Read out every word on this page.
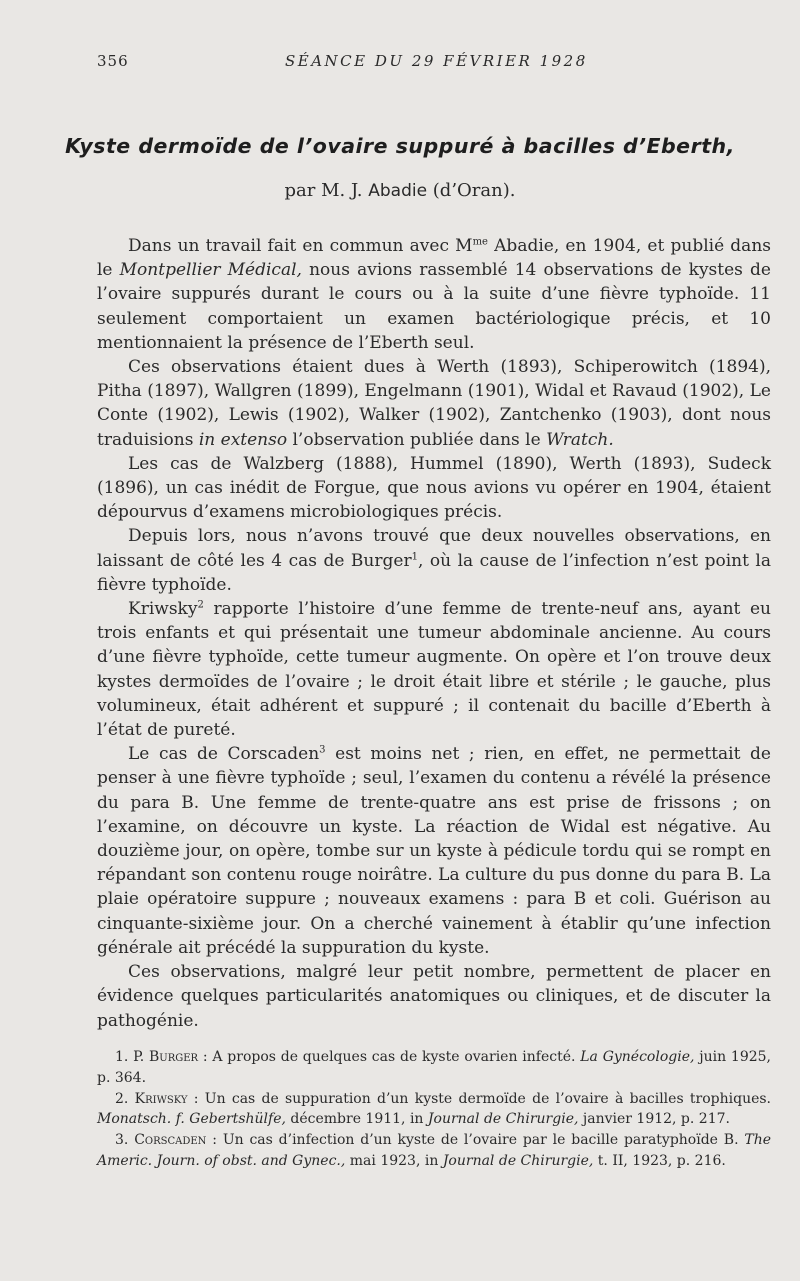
356	SÉANCE DU 29 FÉVRIER 1928
Kyste dermoïde de l’ovaire suppuré à bacilles d’Eberth,
par M. J. Abadie (d’Oran).

Dans un travail fait en commun avec $M^{me}$ Abadie, en 1904, et publié dans le Montpellier Médical, nous avions rassemblé 14 observations de kystes de l’ovaire suppurés durant le cours ou à la suite d’une fièvre typhoïde. 11 seulement comportaient un examen bactériologique précis, et 10 mentionnaient la présence de l’Eberth seul.

Ces observations étaient dues à Werth (1893), Schiperowitch (1894), Pitha (1897), Wallgren (1899), Engelmann (1901), Widal et Ravaud (1902), Le Conte (1902), Lewis (1902), Walker (1902), Zantchenko (1903), dont nous traduisions in extenso l’observation publiée dans le Wratch.

Les cas de Walzberg (1888), Hummel (1890), Werth (1893), Sudeck (1896), un cas inédit de Forgue, que nous avions vu opérer en 1904, étaient dépourvus d’examens microbiologiques précis.

Depuis lors, nous n’avons trouvé que deux nouvelles observations, en laissant de côté les 4 cas de Burger$^1$, où la cause de l’infection n’est point la fièvre typhoïde.

Kriwsky$^2$ rapporte l’histoire d’une femme de trente-neuf ans, ayant eu trois enfants et qui présentait une tumeur abdominale ancienne. Au cours d’une fièvre typhoïde, cette tumeur augmente. On opère et l’on trouve deux kystes dermoïdes de l’ovaire ; le droit était libre et stérile ; le gauche, plus volumineux, était adhérent et suppuré ; il contenait du bacille d’Eberth à l’état de pureté.

Le cas de Corscaden$^3$ est moins net ; rien, en effet, ne permettait de penser à une fièvre typhoïde ; seul, l’examen du contenu a révélé la présence du para B. Une femme de trente-quatre ans est prise de frissons ; on l’examine, on découvre un kyste. La réaction de Widal est négative. Au douzième jour, on opère, tombe sur un kyste à pédicule tordu qui se rompt en répandant son contenu rouge noirâtre. La culture du pus donne du para B. La plaie opératoire suppure ; nouveaux examens : para B et coli. Guérison au cinquante-sixième jour. On a cherché vainement à établir qu’une infection générale ait précédé la suppuration du kyste.

Ces observations, malgré leur petit nombre, permettent de placer en évidence quelques particularités anatomiques ou cliniques, et de discuter la pathogénie.

1. P. Burger : A propos de quelques cas de kyste ovarien infecté. La Gynécologie, juin 1925, p. 364.

2. Kriwsky : Un cas de suppuration d’un kyste dermoïde de l’ovaire à bacilles trophiques. Monatsch. f. Gebertshülfe, décembre 1911, in Journal de Chirurgie, janvier 1912, p. 217.

3. Corscaden : Un cas d’infection d’un kyste de l’ovaire par le bacille paratyphoïde B. The Americ. Journ. of obst. and Gynec., mai 1923, in Journal de Chirurgie, t. II, 1923, p. 216.
